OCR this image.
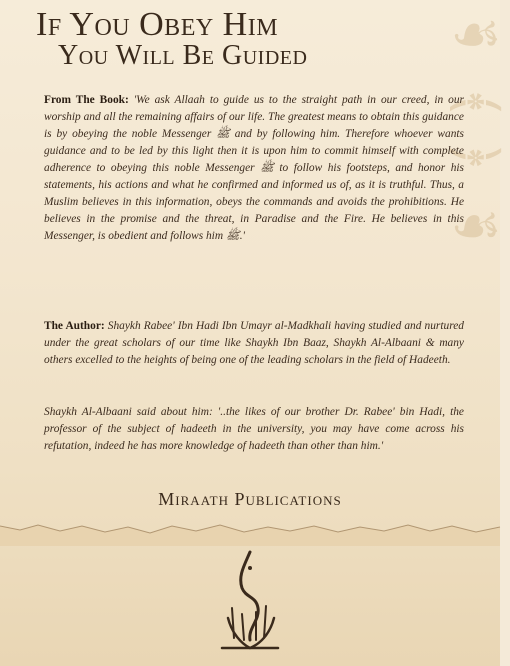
☙ ﴾ ﴿ ☙
If You Obey Him
You Will Be Guided

From The Book: 'We ask Allaah to guide us to the straight path in our creed, in our worship and all the remaining affairs of our life. The greatest means to obtain this guidance is by obeying the noble Messenger ﷺ and by following him. Therefore whoever wants guidance and to be led by this light then it is upon him to commit himself with complete adherence to obeying this noble Messenger ﷺ to follow his footsteps, and honor his statements, his actions and what he confirmed and informed us of, as it is truthful. Thus, a Muslim believes in this information, obeys the commands and avoids the prohibitions. He believes in the promise and the threat, in Paradise and the Fire. He believes in this Messenger, is obedient and follows him ﷺ.'

The Author: Shaykh Rabee' Ibn Hadi Ibn Umayr al-Madkhali having studied and nurtured under the great scholars of our time like Shaykh Ibn Baaz, Shaykh Al-Albaani & many others excelled to the heights of being one of the leading scholars in the field of Hadeeth.

Shaykh Al-Albaani said about him: '..the likes of our brother Dr. Rabee' bin Hadi, the professor of the subject of hadeeth in the university, you may have come across his refutation, indeed he has more knowledge of hadeeth than other than him.'

Miraath Publications
